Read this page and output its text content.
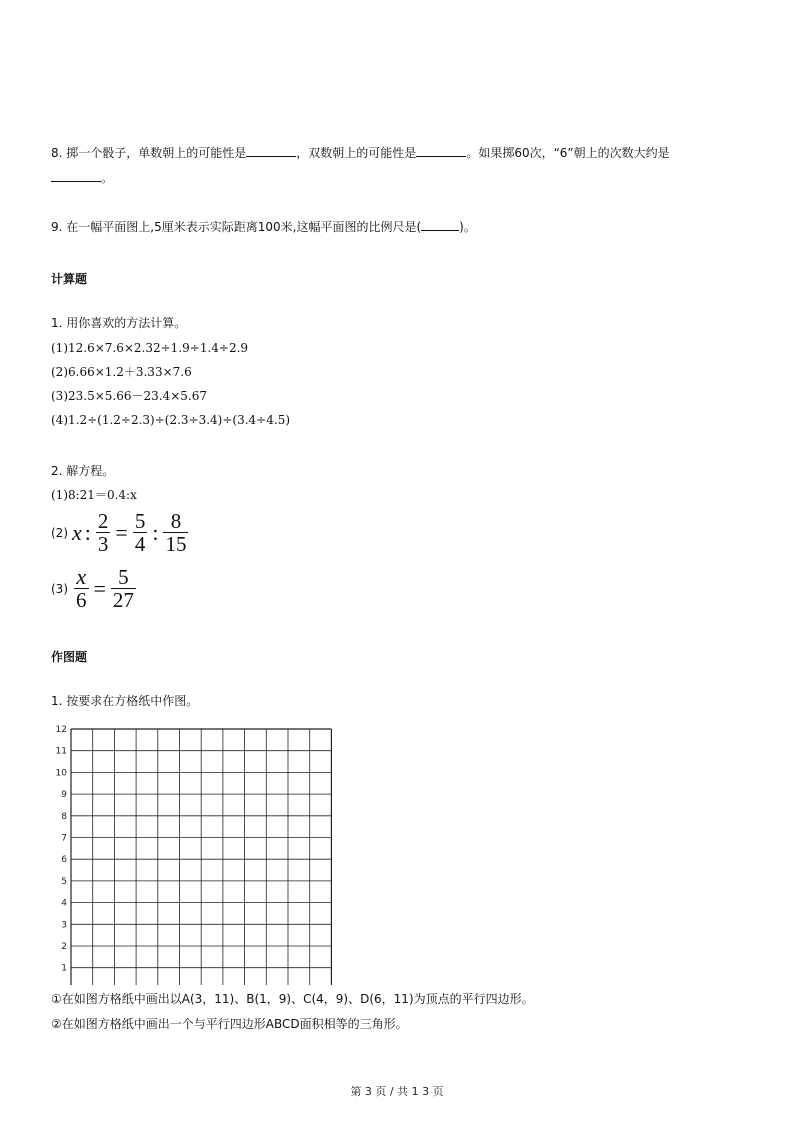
8. 掷一个骰子，单数朝上的可能性是	，双数朝上的可能性是	。如果掷60次，“6”朝上的次数大约是
。
9. 在一幅平面图上,5厘米表示实际距离100米,这幅平面图的比例尺是(	)。
计算题
1. 用你喜欢的方法计算。
(1)12.6×7.6×2.32÷1.9÷1.4÷2.9
(2)6.66×1.2＋3.33×7.6
(3)23.5×5.66－23.4×5.67
(4)1.2÷(1.2÷2.3)÷(2.3÷3.4)÷(3.4÷4.5)
2. 解方程。
(1)8:21＝0.4:x
(2) x : $\frac{2}{3} = \frac{5}{4}$ : $\frac{8}{15}$
$(3) \frac{x}{6} = \frac{5}{27}$
作图题
1. 按要求在方格纸中作图。
1
2
3
4
5
6
7
8
9
10
11
12
①在如图方格纸中画出以A(3，11)、B(1，9)、C(4，9)、D(6，11)为顶点的平行四边形。
②在如图方格纸中画出一个与平行四边形ABCD面积相等的三角形。
第 3 页 / 共 1 3 页
